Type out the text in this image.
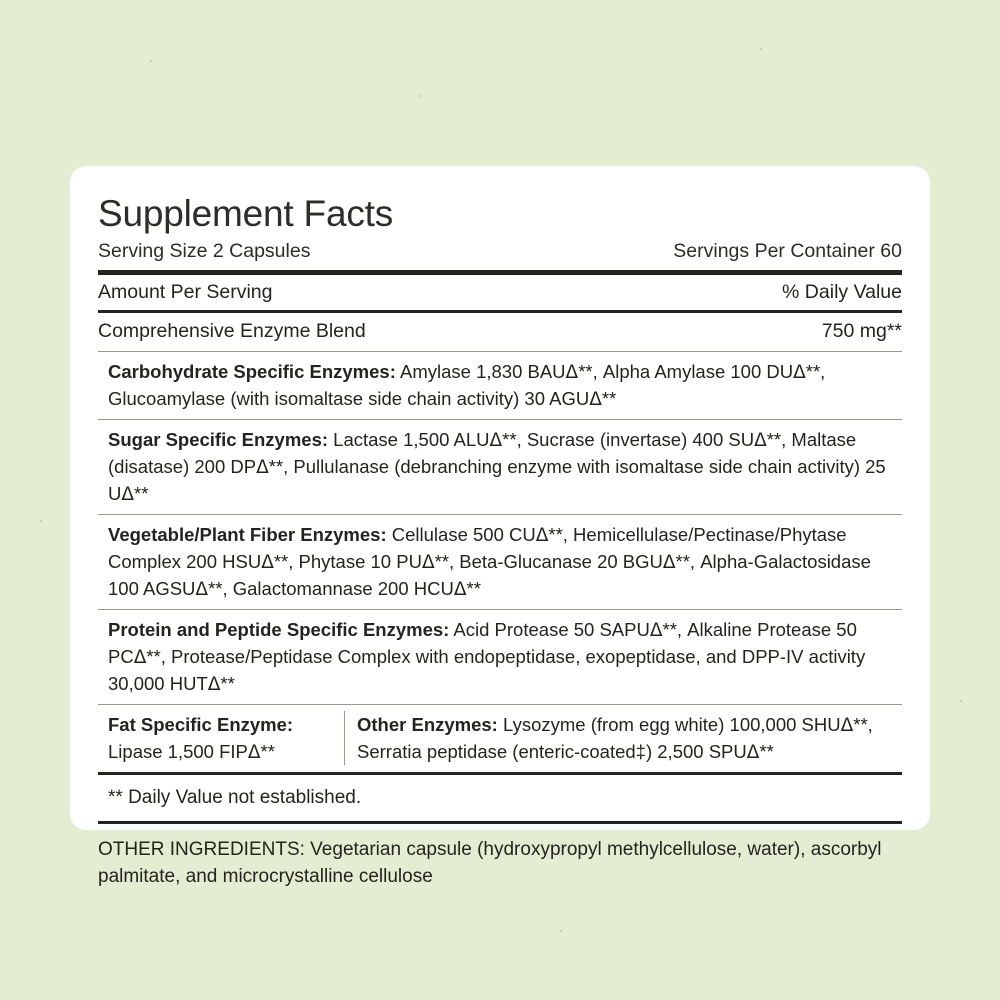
Supplement Facts
Serving Size 2 Capsules	Servings Per Container 60
Amount Per Serving	% Daily Value
Comprehensive Enzyme Blend	750 mg**
Carbohydrate Specific Enzymes: Amylase 1,830 BAUᐃ**, Alpha Amylase 100 DUᐃ**, Glucoamylase (with isomaltase side chain activity) 30 AGUᐃ**
Sugar Specific Enzymes: Lactase 1,500 ALUᐃ**, Sucrase (invertase) 400 SUᐃ**, Maltase (disatase) 200 DPᐃ**, Pullulanase (debranching enzyme with isomaltase side chain activity) 25 Uᐃ**
Vegetable/Plant Fiber Enzymes: Cellulase 500 CUᐃ**, Hemicellulase/Pectinase/Phytase Complex 200 HSUᐃ**, Phytase 10 PUᐃ**, Beta-Glucanase 20 BGUᐃ**, Alpha-Galactosidase 100 AGSUᐃ**, Galactomannase 200 HCUᐃ**
Protein and Peptide Specific Enzymes: Acid Protease 50 SAPUᐃ**, Alkaline Protease 50 PCᐃ**, Protease/Peptidase Complex with endopeptidase, exopeptidase, and DPP-IV activity 30,000 HUTᐃ**
Fat Specific Enzyme:
Lipase 1,500 FIPᐃ**
Other Enzymes: Lysozyme (from egg white) 100,000 SHUᐃ**, Serratia peptidase (enteric-coated‡) 2,500 SPUᐃ**
** Daily Value not established.
OTHER INGREDIENTS: Vegetarian capsule (hydroxypropyl methylcellulose, water), ascorbyl palmitate, and microcrystalline cellulose
